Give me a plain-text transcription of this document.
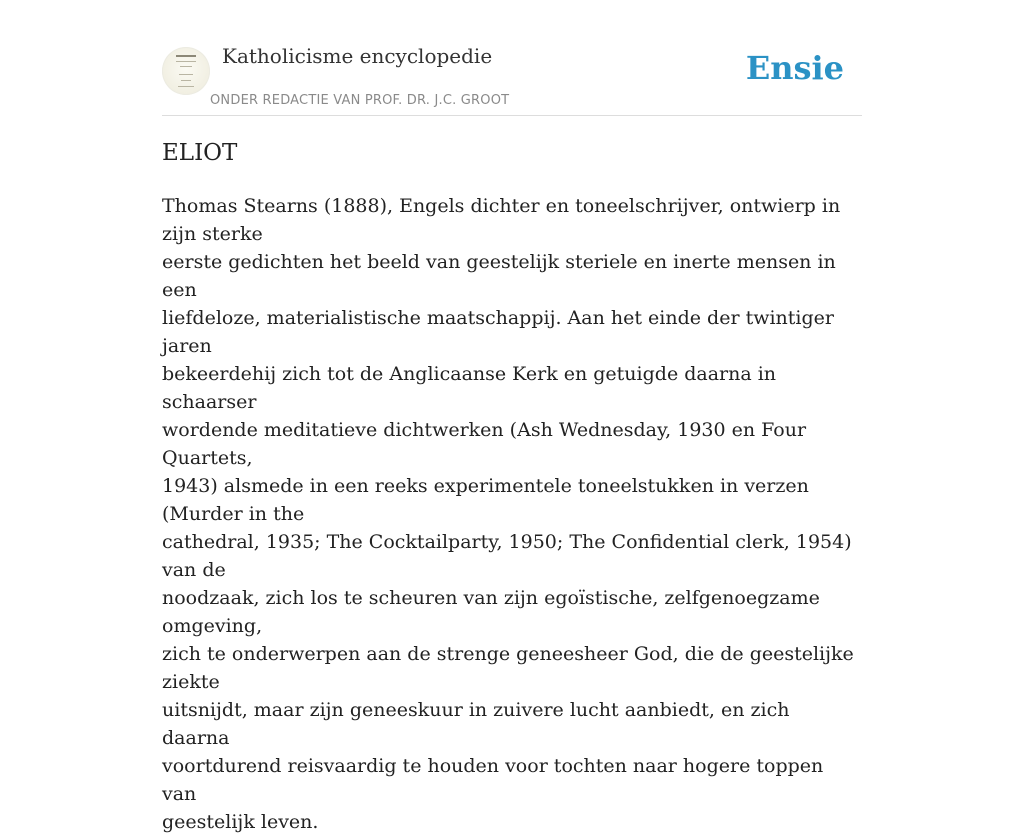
Katholicisme encyclopedie
ONDER REDACTIE VAN PROF. DR. J.C. GROOT
Ensie
ELIOT

Thomas Stearns (1888), Engels dichter en toneelschrijver, ontwierp in zijn sterke
eerste gedichten het beeld van geestelijk steriele en inerte mensen in een
liefdeloze, materialistische maatschappij. Aan het einde der twintiger jaren
bekeerdehij zich tot de Anglicaanse Kerk en getuigde daarna in schaarser
wordende meditatieve dichtwerken (Ash Wednesday, 1930 en Four Quartets,
1943) alsmede in een reeks experimentele toneelstukken in verzen (Murder in the
cathedral, 1935; The Cocktailparty, 1950; The Confidential clerk, 1954) van de
noodzaak, zich los te scheuren van zijn egoïstische, zelfgenoegzame omgeving,
zich te onderwerpen aan de strenge geneesheer God, die de geestelijke ziekte
uitsnijdt, maar zijn geneeskuur in zuivere lucht aanbiedt, en zich daarna
voortdurend reisvaardig te houden voor tochten naar hogere toppen van
geestelijk leven.
